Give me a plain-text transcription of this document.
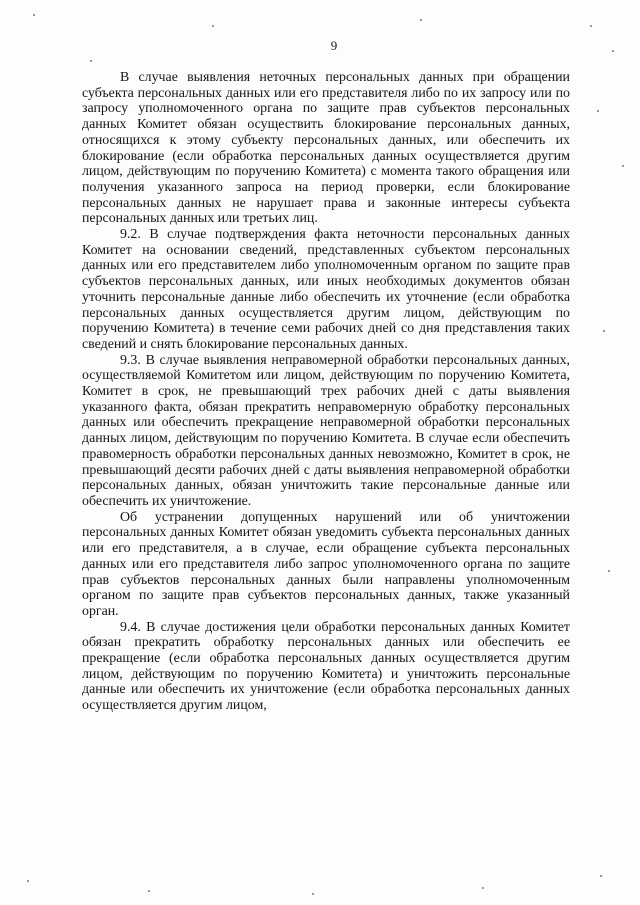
9

В случае выявления неточных персональных данных при обращении субъекта персональных данных или его представителя либо по их запросу или по запросу уполномоченного органа по защите прав субъектов персональных данных Комитет обязан осуществить блокирование персональных данных, относящихся к этому субъекту персональных данных, или обеспечить их блокирование (если обработка персональных данных осуществляется другим лицом, действующим по поручению Комитета) с момента такого обращения или получения указанного запроса на период проверки, если блокирование персональных данных не нарушает права и законные интересы субъекта персональных данных или третьих лиц.

9.2. В случае подтверждения факта неточности персональных данных Комитет на основании сведений, представленных субъектом персональных данных или его представителем либо уполномоченным органом по защите прав субъектов персональных данных, или иных необходимых документов обязан уточнить персональные данные либо обеспечить их уточнение (если обработка персональных данных осуществляется другим лицом, действующим по поручению Комитета) в течение семи рабочих дней со дня представления таких сведений и снять блокирование персональных данных.

9.3. В случае выявления неправомерной обработки персональных данных, осуществляемой Комитетом или лицом, действующим по поручению Комитета, Комитет в срок, не превышающий трех рабочих дней с даты выявления указанного факта, обязан прекратить неправомерную обработку персональных данных или обеспечить прекращение неправомерной обработки персональных данных лицом, действующим по поручению Комитета. В случае если обеспечить правомерность обработки персональных данных невозможно, Комитет в срок, не превышающий десяти рабочих дней с даты выявления неправомерной обработки персональных данных, обязан уничтожить такие персональные данные или обеспечить их уничтожение.

Об устранении допущенных нарушений или об уничтожении персональных данных Комитет обязан уведомить субъекта персональных данных или его представителя, а в случае, если обращение субъекта персональных данных или его представителя либо запрос уполномоченного органа по защите прав субъектов персональных данных были направлены уполномоченным органом по защите прав субъектов персональных данных, также указанный орган.

9.4. В случае достижения цели обработки персональных данных Комитет обязан прекратить обработку персональных данных или обеспечить ее прекращение (если обработка персональных данных осуществляется другим лицом, действующим по поручению Комитета) и уничтожить персональные данные или обеспечить их уничтожение (если обработка персональных данных осуществляется другим лицом,
